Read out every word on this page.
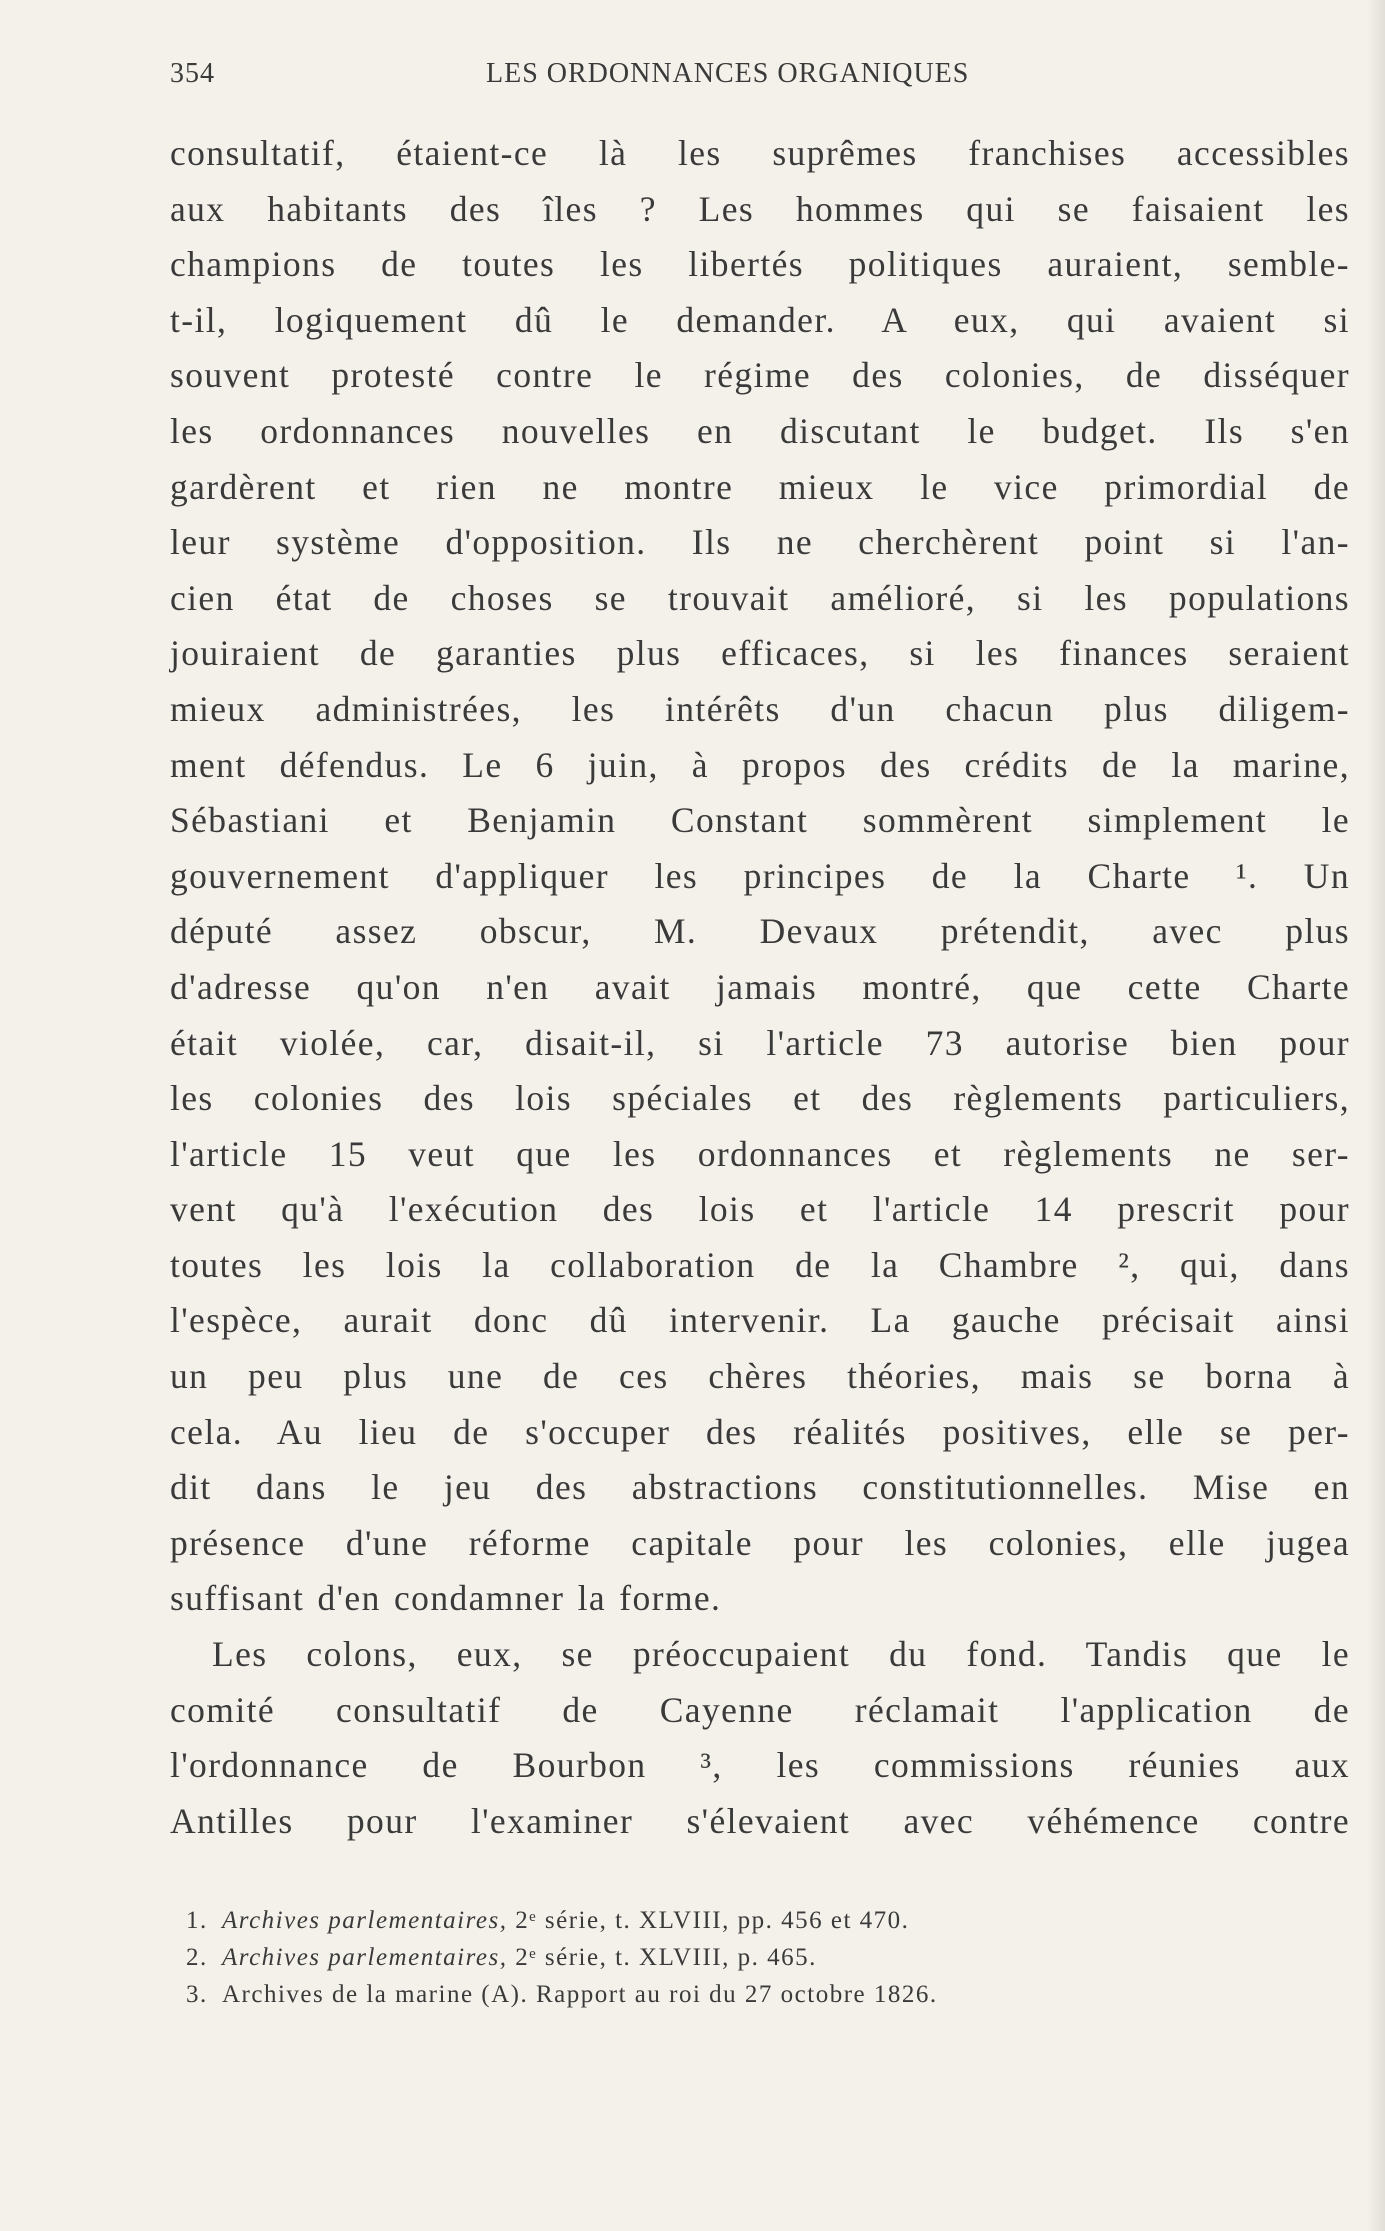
354	LES ORDONNANCES ORGANIQUES
consultatif, étaient-ce là les suprêmes franchises accessibles
aux habitants des îles ? Les hommes qui se faisaient les
champions de toutes les libertés politiques auraient, semble-
t-il, logiquement dû le demander. A eux, qui avaient si
souvent protesté contre le régime des colonies, de disséquer
les ordonnances nouvelles en discutant le budget. Ils s'en
gardèrent et rien ne montre mieux le vice primordial de
leur système d'opposition. Ils ne cherchèrent point si l'an-
cien état de choses se trouvait amélioré, si les populations
jouiraient de garanties plus efficaces, si les finances seraient
mieux administrées, les intérêts d'un chacun plus diligem-
ment défendus. Le 6 juin, à propos des crédits de la marine,
Sébastiani et Benjamin Constant sommèrent simplement le
gouvernement d'appliquer les principes de la Charte ¹. Un
député assez obscur, M. Devaux prétendit, avec plus
d'adresse qu'on n'en avait jamais montré, que cette Charte
était violée, car, disait-il, si l'article 73 autorise bien pour
les colonies des lois spéciales et des règlements particuliers,
l'article 15 veut que les ordonnances et règlements ne ser-
vent qu'à l'exécution des lois et l'article 14 prescrit pour
toutes les lois la collaboration de la Chambre ², qui, dans
l'espèce, aurait donc dû intervenir. La gauche précisait ainsi
un peu plus une de ces chères théories, mais se borna à
cela. Au lieu de s'occuper des réalités positives, elle se per-
dit dans le jeu des abstractions constitutionnelles. Mise en
présence d'une réforme capitale pour les colonies, elle jugea
suffisant d'en condamner la forme.
Les colons, eux, se préoccupaient du fond. Tandis que le
comité consultatif de Cayenne réclamait l'application de
l'ordonnance de Bourbon ³, les commissions réunies aux
Antilles pour l'examiner s'élevaient avec véhémence contre
1. Archives parlementaires, 2ᵉ série, t. XLVIII, pp. 456 et 470.
2. Archives parlementaires, 2ᵉ série, t. XLVIII, p. 465.
3. Archives de la marine (A). Rapport au roi du 27 octobre 1826.
